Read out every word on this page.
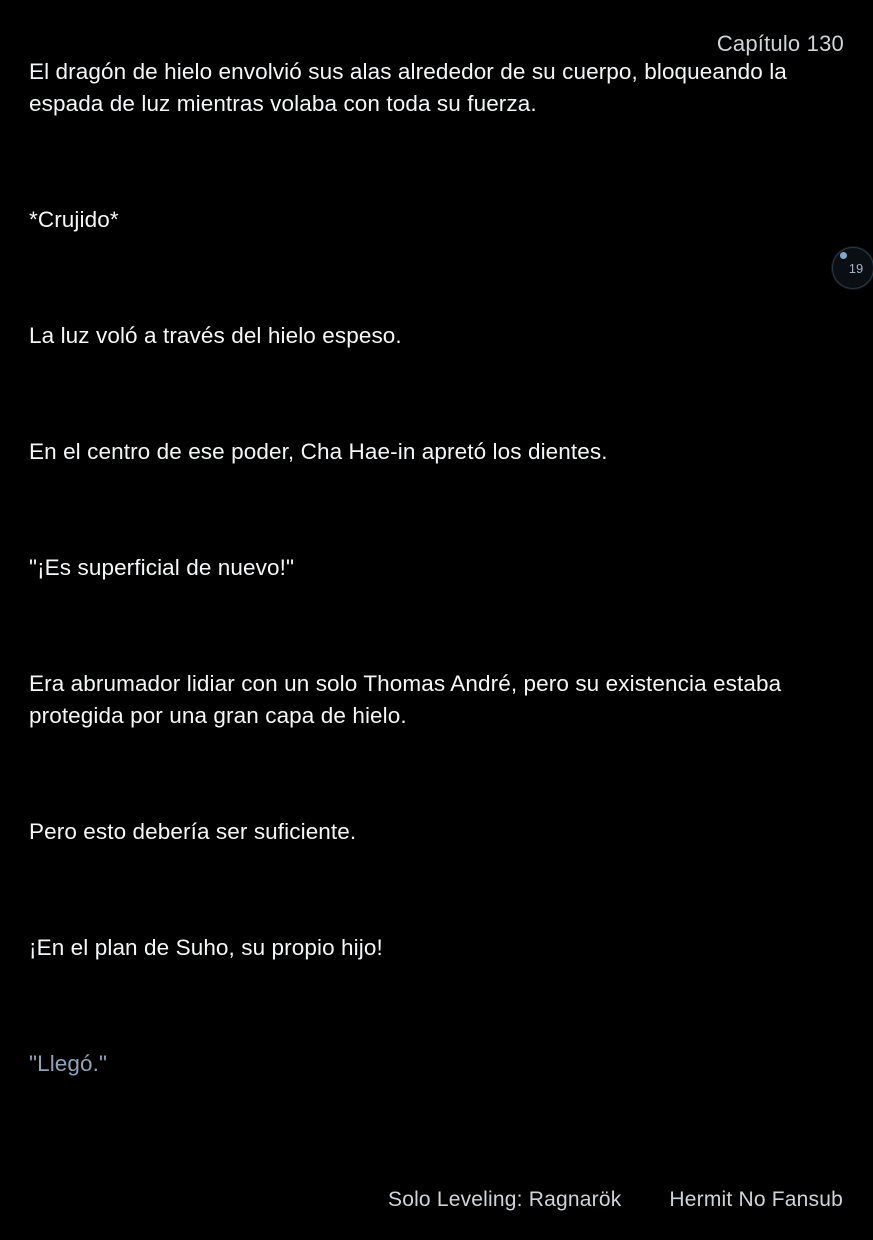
Capítulo 130

El dragón de hielo envolvió sus alas alrededor de su cuerpo, bloqueando la espada de luz mientras volaba con toda su fuerza.

*Crujido*

La luz voló a través del hielo espeso.

En el centro de ese poder, Cha Hae-in apretó los dientes.

"¡Es superficial de nuevo!"

Era abrumador lidiar con un solo Thomas André, pero su existencia estaba protegida por una gran capa de hielo.

Pero esto debería ser suficiente.

¡En el plan de Suho, su propio hijo!

"Llegó."

19
Solo Leveling: Ragnarök Hermit No Fansub
